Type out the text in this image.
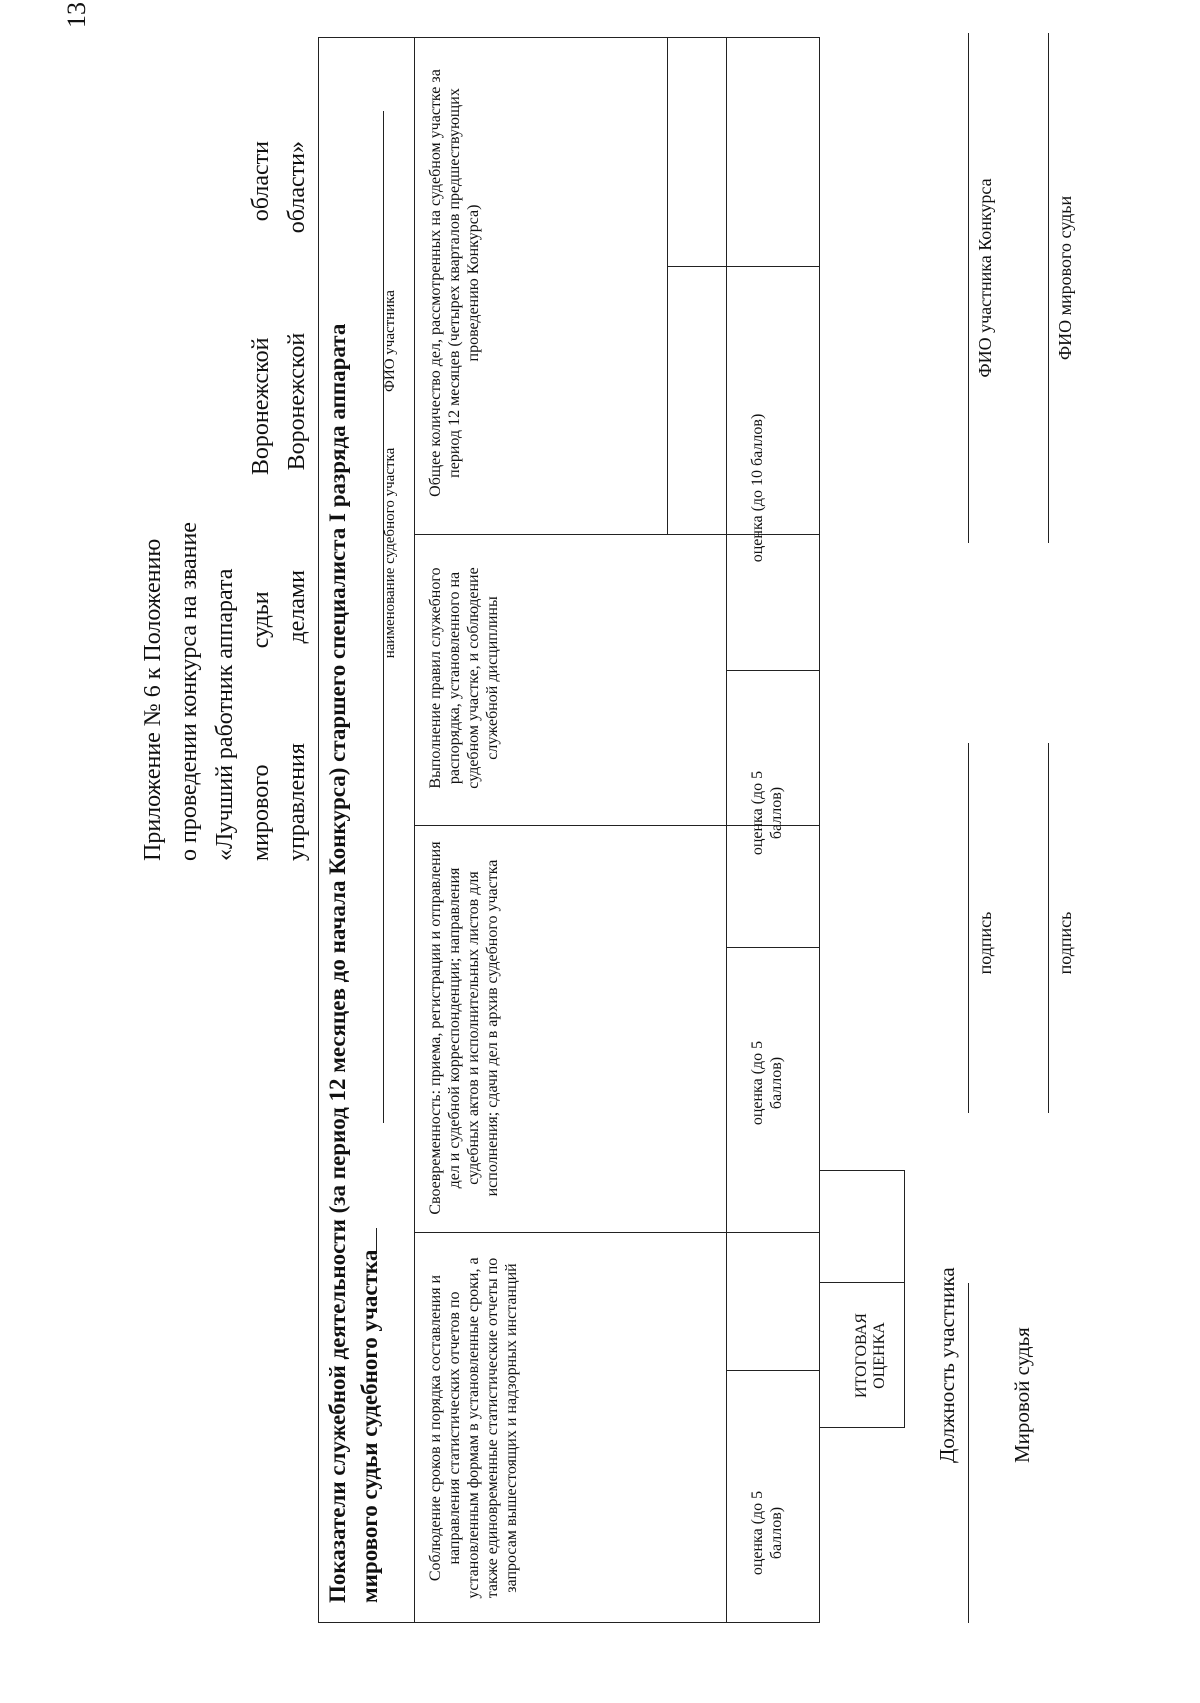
13
Приложение № 6 к Положению о проведении конкурса на звание «Лучший работник аппарата мирового судьи Воронежской области управления делами Воронежской области» Показатели служебной деятельности (за период 12 месяцев до начала Конкурса) старшего специалиста I разряда аппарата мирового судьи судебного участка
наименование судебного участка
ФИО участника
Соблюдение сроков и порядка составления и направления статистических отчетов по установленным формам в установленные сроки, а также единовременные статистические отчеты по запросам вышестоящих и надзорных инстанций
Своевременность: приема, регистрации и отправления дел и судебной корреспонденции; направления судебных актов и исполнительных листов для исполнения; сдачи дел в архив судебного участка
Выполнение правил служебного распорядка, установленного на судебном участке, и соблюдение служебной дисциплины
Общее количество дел, рассмотренных на судебном участке за период 12 месяцев (четырех кварталов предшествующих проведению Конкурса)
оценка (до 5 баллов)
оценка (до 5 баллов)
оценка (до 5 баллов)
оценка (до 10 баллов)
ИТОГОВАЯ ОЦЕНКА Должность участника
подпись
ФИО участника Конкурса
Мировой судья
подпись
ФИО мирового судьи
